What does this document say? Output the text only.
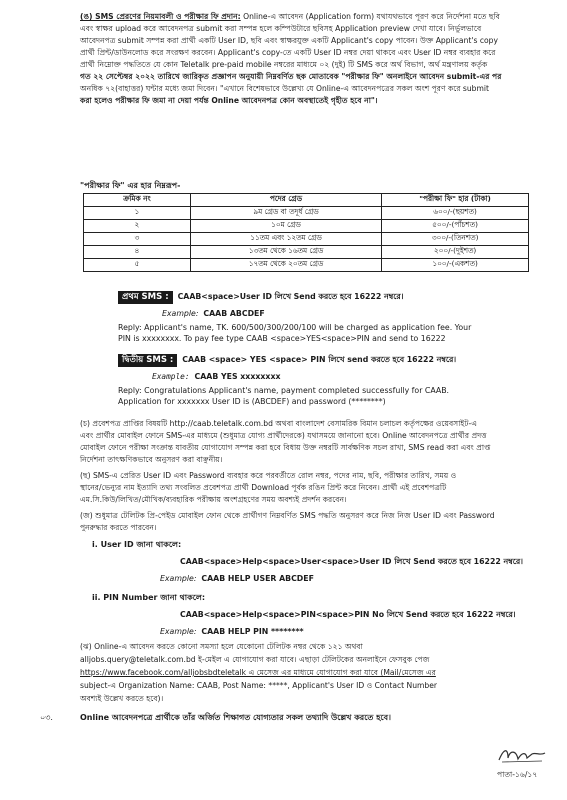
(ঙ) SMS প্রেরণের নিয়মাবলী ও পরীক্ষার ফি প্রদান: Online-এ আবেদন (Application form) যথাযথভাবে পূরণ করে নির্দেশনা মতে ছবি
এবং স্বাক্ষর upload করে আবেদনপত্র submit করা সম্পন্ন হলে কম্পিউটারে ছবিসহ Application preview দেখা যাবে। নির্ভুলভাবে
আবেদনপত্র submit সম্পন্ন করা প্রার্থী একটি User ID, ছবি এবং স্বাক্ষরযুক্ত একটি Applicant's copy পাবেন। উক্ত Applicant's copy
প্রার্থী প্রিন্ট/ডাউনলোড করে সংরক্ষণ করবেন। Applicant's copy-তে একটি User ID নম্বর দেয়া থাকবে এবং User ID নম্বর ব্যবহার করে
প্রার্থী নিম্নোক্ত পদ্ধতিতে যে কোন Teletalk pre-paid mobile নম্বরের মাধ্যমে ০২ (দুই) টি SMS করে অর্থ বিভাগ, অর্থ মন্ত্রণালয় কর্তৃক
গত ২২ সেপ্টেম্বর ২০২২ তারিখে জারিকৃত প্রজ্ঞাপন অনুযায়ী নিম্নবর্ণিত ছক মোতাবেক "পরীক্ষার ফি" অনলাইনে আবেদন submit-এর পর
অনধিক ৭২(বাহাত্তর) ঘন্টার মধ্যে জমা দিবেন। "এখানে বিশেষভাবে উল্লেখ্য যে Online-এ আবেদনপত্রের সকল অংশ পূরণ করে submit
করা হলেও পরীক্ষার ফি জমা না দেয়া পর্যন্ত Online আবেদনপত্র কোন অবস্থাতেই গৃহীত হবে না"।
"পরীক্ষার ফি" এর হার নিম্নরূপ-
ক্রমিক নং	পদের গ্রেড	"পরীক্ষা ফি" হার (টাকা)
১	৯ম গ্রেড বা তদূর্ধ গ্রেড	৬০০/-(ছয়শত)
২	১০ম গ্রেড	৫০০/-(পাঁচশত)
৩	১১তম এবং ১২তম গ্রেড	৩০০/-(তিনশত)
৪	১৩তম থেকে ১৬তম গ্রেড	২০০/-(দুইশত)
৫	১৭তম থেকে ২০তম গ্রেড	১০০/-(একশত)
প্রথম SMS : CAAB<space>User ID লিখে Send করতে হবে 16222 নম্বরে।
Example: CAAB ABCDEF
Reply: Applicant's name, TK. 600/500/300/200/100 will be charged as application fee. Your
PIN is xxxxxxxx. To pay fee type CAAB <space>YES<space>PIN and send to 16222
দ্বিতীয় SMS : CAAB <space> YES <space> PIN লিখে send করতে হবে 16222 নম্বরে।
Example: CAAB YES xxxxxxxx
Reply: Congratulations Applicant's name, payment completed successfully for CAAB.
Application for xxxxxxx User ID is (ABCDEF) and password (********)
(চ) প্রবেশপত্র প্রাপ্তির বিষয়টি http://caab.teletalk.com.bd অথবা বাংলাদেশ বেসামরিক বিমান চলাচল কর্তৃপক্ষের ওয়েবসাইট-এ
এবং প্রার্থীর মোবাইল ফোনে SMS-এর মাধ্যমে (শুধুমাত্র যোগ্য প্রার্থীদেরকে) যথাসময়ে জানানো হবে। Online আবেদনপত্রে প্রার্থীর প্রদত্ত
মোবাইল ফোনে পরীক্ষা সংক্রান্ত যাবতীয় যোগাযোগ সম্পন্ন করা হবে বিধায় উক্ত নম্বরটি সার্বক্ষণিক সচল রাখা, SMS read করা এবং প্রাপ্ত
নির্দেশনা তাৎক্ষণিকভাবে অনুসরণ করা বাঞ্ছনীয়।
(ছ) SMS-এ প্রেরিত User ID এবং Password ব্যবহার করে পরবর্তীতে রোল নম্বর, পদের নাম, ছবি, পরীক্ষার তারিখ, সময় ও
স্থানের/ভেন্যুর নাম ইত্যাদি তথ্য সংবলিত প্রবেশপত্র প্রার্থী Download পূর্বক রঙিন প্রিন্ট করে নিবেন। প্রার্থী এই প্রবেশপত্রটি
এম.সি.কিউ/লিখিত/মৌখিক/ব্যবহারিক পরীক্ষায় অংশগ্রহণের সময় অবশ্যই প্রদর্শন করবেন।
(জ) শুধুমাত্র টেলিটক প্রি-পেইড মোবাইল ফোন থেকে প্রার্থীগণ নিম্নবর্ণিত SMS পদ্ধতি অনুসরণ করে নিজ নিজ User ID এবং Password
পুনরুদ্ধার করতে পারবেন।
i. User ID জানা থাকলে:
CAAB<space>Help<space>User<space>User ID লিখে Send করতে হবে 16222 নম্বরে।
Example: CAAB HELP USER ABCDEF
ii. PIN Number জানা থাকলে:
CAAB<space>Help<space>PIN<space>PIN No লিখে Send করতে হবে 16222 নম্বরে।
Example: CAAB HELP PIN ********
(ঝ) Online-এ আবেদন করতে কোনো সমস্যা হলে যেকোনো টেলিটক নম্বর থেকে ১২১ অথবা
alljobs.query@teletalk.com.bd ই-মেইল এ যোগাযোগ করা যাবে। এছাড়া টেলিটকের অনলাইনে ফেসবুক পেজ
https://www.facebook.com/alljobsbdteletalk এ মেসেজ এর মাধ্যমে যোগাযোগ করা যাবে (Mail/মেসেজ এর
subject-এ Organization Name: CAAB, Post Name: *****, Applicant's User ID ও Contact Number
অবশ্যই উল্লেখ করতে হবে)।
০৩.	Online আবেদনপত্রে প্রার্থীকে তাঁর অর্জিত শিক্ষাগত যোগ্যতার সকল তথ্যাদি উল্লেখ করতে হবে।
পাতা-১৬/১৭
